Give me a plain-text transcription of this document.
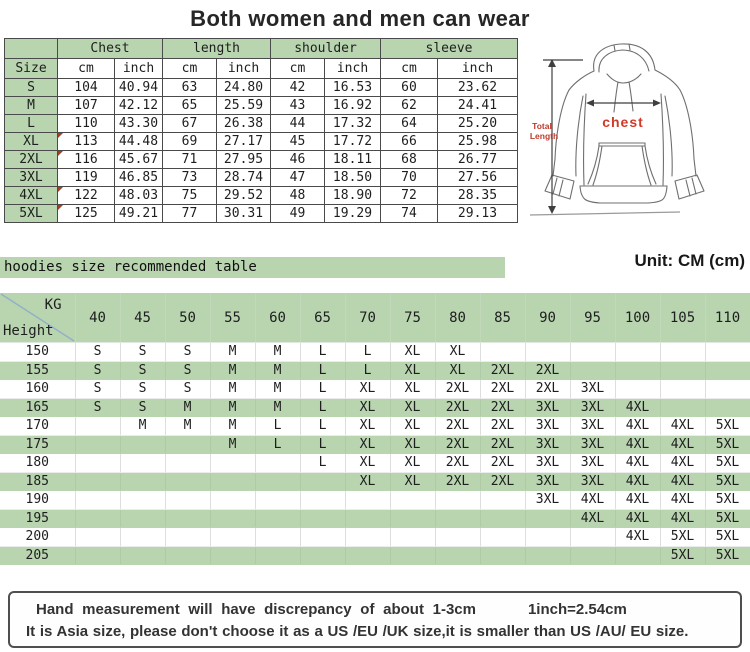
Both women and men can wear
	Chest		length		shoulder		sleeve	
Size	cm	inch	cm	inch	cm	inch	cm	inch
S	104	40.94	63	24.80	42	16.53	60	23.62
M	107	42.12	65	25.59	43	16.92	62	24.41
L	110	43.30	67	26.38	44	17.32	64	25.20
XL	113	44.48	69	27.17	45	17.72	66	25.98
2XL	116	45.67	71	27.95	46	18.11	68	26.77
3XL	119	46.85	73	28.74	47	18.50	70	27.56
4XL	122	48.03	75	29.52	48	18.90	72	28.35
5XL	125	49.21	77	30.31	49	19.29	74	29.13
chest
Total
Length
hoodies size recommended table	Unit: CM (cm)
KG
Height	40	45	50	55	60	65	70	75	80	85	90	95	100	105	110
150	S	S	S	M	M	L	L	XL	XL						
155	S	S	S	M	M	L	L	XL	XL	2XL	2XL				
160	S	S	S	M	M	L	XL	XL	2XL	2XL	2XL	3XL			
165	S	S	M	M	M	L	XL	XL	2XL	2XL	3XL	3XL	4XL		
170		M	M	M	L	L	XL	XL	2XL	2XL	3XL	3XL	4XL	4XL	5XL
175				M	L	L	XL	XL	2XL	2XL	3XL	3XL	4XL	4XL	5XL
180						L	XL	XL	2XL	2XL	3XL	3XL	4XL	4XL	5XL
185							XL	XL	2XL	2XL	3XL	3XL	4XL	4XL	5XL
190											3XL	4XL	4XL	4XL	5XL
195												4XL	4XL	4XL	5XL
200													4XL	5XL	5XL
205														5XL	5XL
Hand measurement will have discrepancy of about 1-3cm	1inch=2.54cm
It is Asia size, please don't choose it as a US /EU /UK size,it is smaller than US /AU/ EU size.
